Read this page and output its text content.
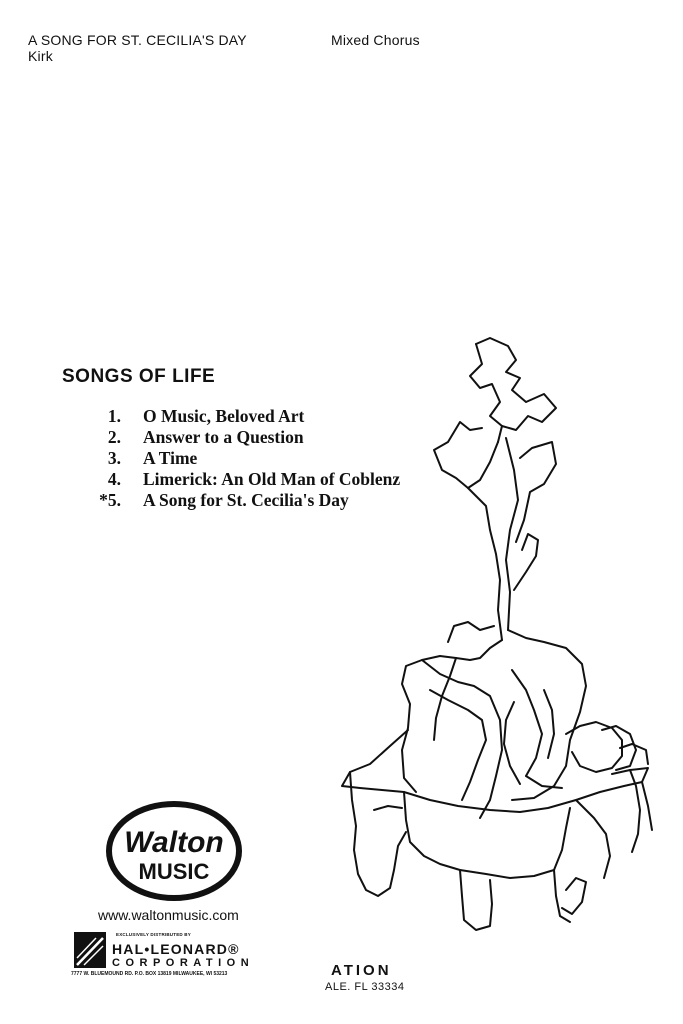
A SONG FOR ST. CECILIA'S DAY
Kirk
Mixed Chorus
SONGS OF LIFE
1. O Music, Beloved Art
2. Answer to a Question
3. A Time
4. Limerick: An Old Man of Coblenz
*5. A Song for St. Cecilia's Day
Walton
MUSIC
www.waltonmusic.com
EXCLUSIVELY DISTRIBUTED BY
HAL•LEONARD®
CORPORATION
7777 W. BLUEMOUND RD. P.O. BOX 13819 MILWAUKEE, WI 53213	ATION
ALE. FL 33334
